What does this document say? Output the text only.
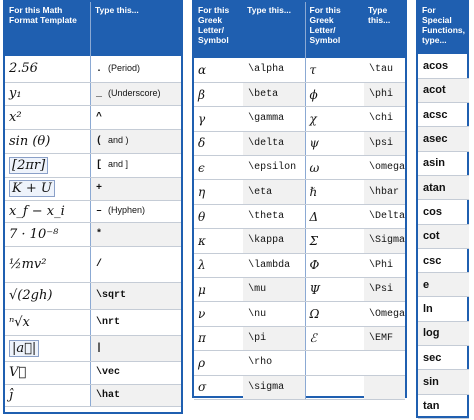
For this Math Format Template	Type this...
2.56	. (Period)
y₁	_ (Underscore)
x²	^
sin (θ)	( and )
[2πr]	[ and ]
K + U	+
x_f − x_i	– (Hyphen)
7 · 10⁻⁸	*
½mv²	/
√(2gh)	\sqrt
ⁿ√x	\nrt
|a⃗|	|
V⃗	\vec
ĵ	\hat
For this Greek Letter/ Symbol	Type this...	For this Greek Letter/ Symbol	Type this...
α	\alpha	τ	\tau
β	\beta	ϕ	\phi
γ	\gamma	χ	\chi
δ	\delta	ψ	\psi
ϵ	\epsilon	ω	\omega
η	\eta	ℏ	\hbar
θ	\theta	Δ	\Delta
κ	\kappa	Σ	\Sigma
λ	\lambda	Φ	\Phi
μ	\mu	Ψ	\Psi
ν	\nu	Ω	\Omega
π	\pi	ℰ	\EMF
ρ	\rho		
σ	\sigma		
For Special Functions, type...
acos
acot
acsc
asec
asin
atan
cos
cot
csc
e
ln
log
sec
sin
tan
